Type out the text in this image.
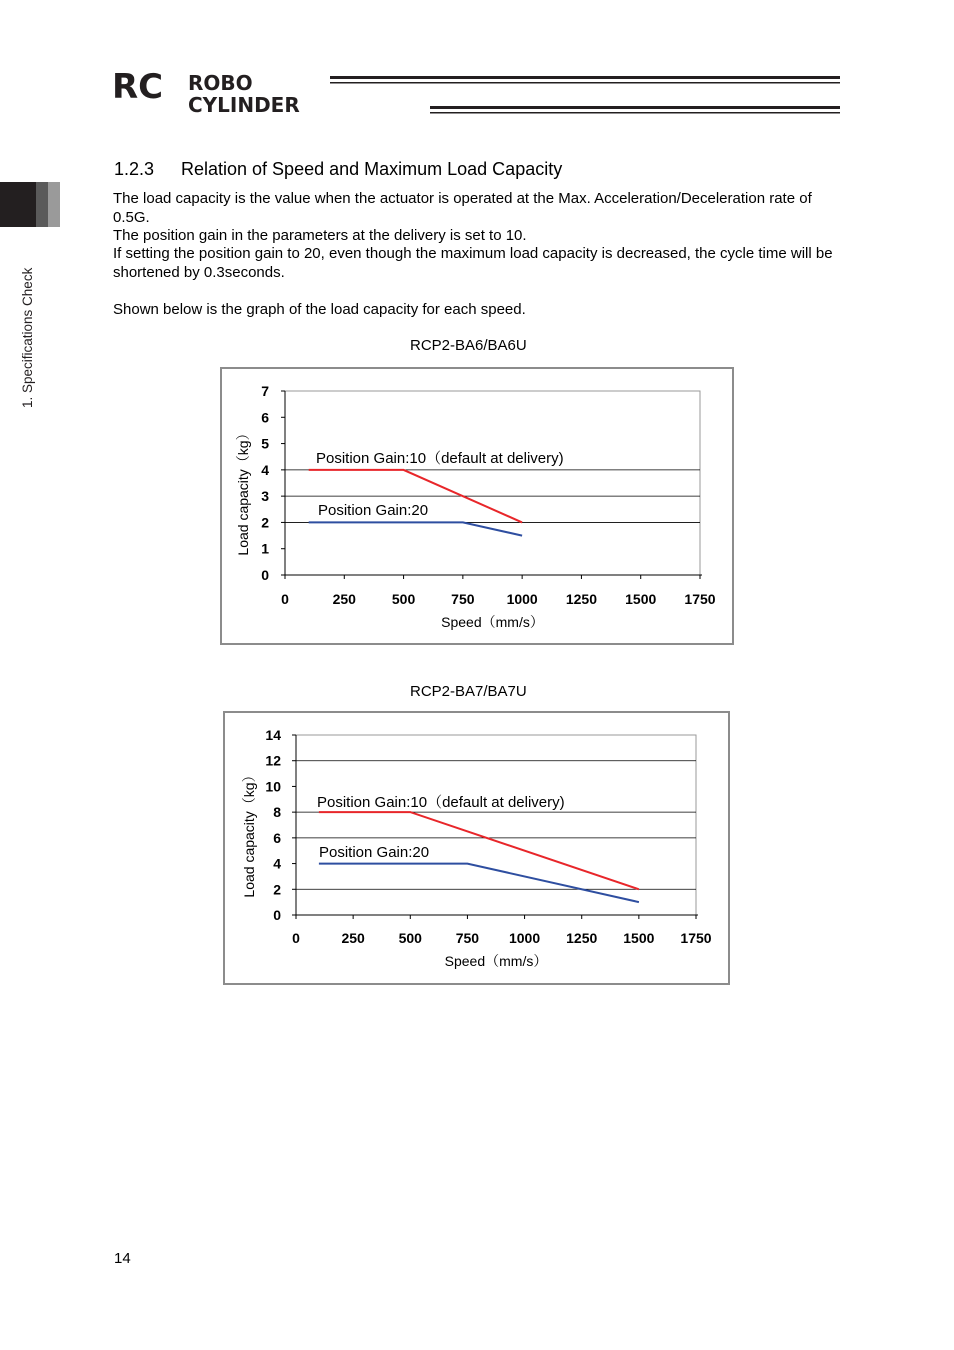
RC ROBO
CYLINDER
1. Specifications Check
1.2.3 Relation of Speed and Maximum Load Capacity
The load capacity is the value when the actuator is operated at the Max. Acceleration/Deceleration rate of 0.5G.
The position gain in the parameters at the delivery is set to 10.
If setting the position gain to 20, even though the maximum load capacity is decreased, the cycle time will be shortened by 0.3seconds.
Shown below is the graph of the load capacity for each speed.
RCP2-BA6/BA6U
0
1
2
3
4
5
6
7
0	250	500	750 1000 1250 1500 1750
Speed（mm/s）
Load capacity（kg）	Position Gain:10（default at delivery)
Position Gain:20
RCP2-BA7/BA7U
0
2
4
6
8
10
12
14
0	250 500 750 1000 1250 1500 1750
Speed（mm/s）
Load capacity（kg）	Position Gain:10（default at delivery)
Position Gain:20
14
